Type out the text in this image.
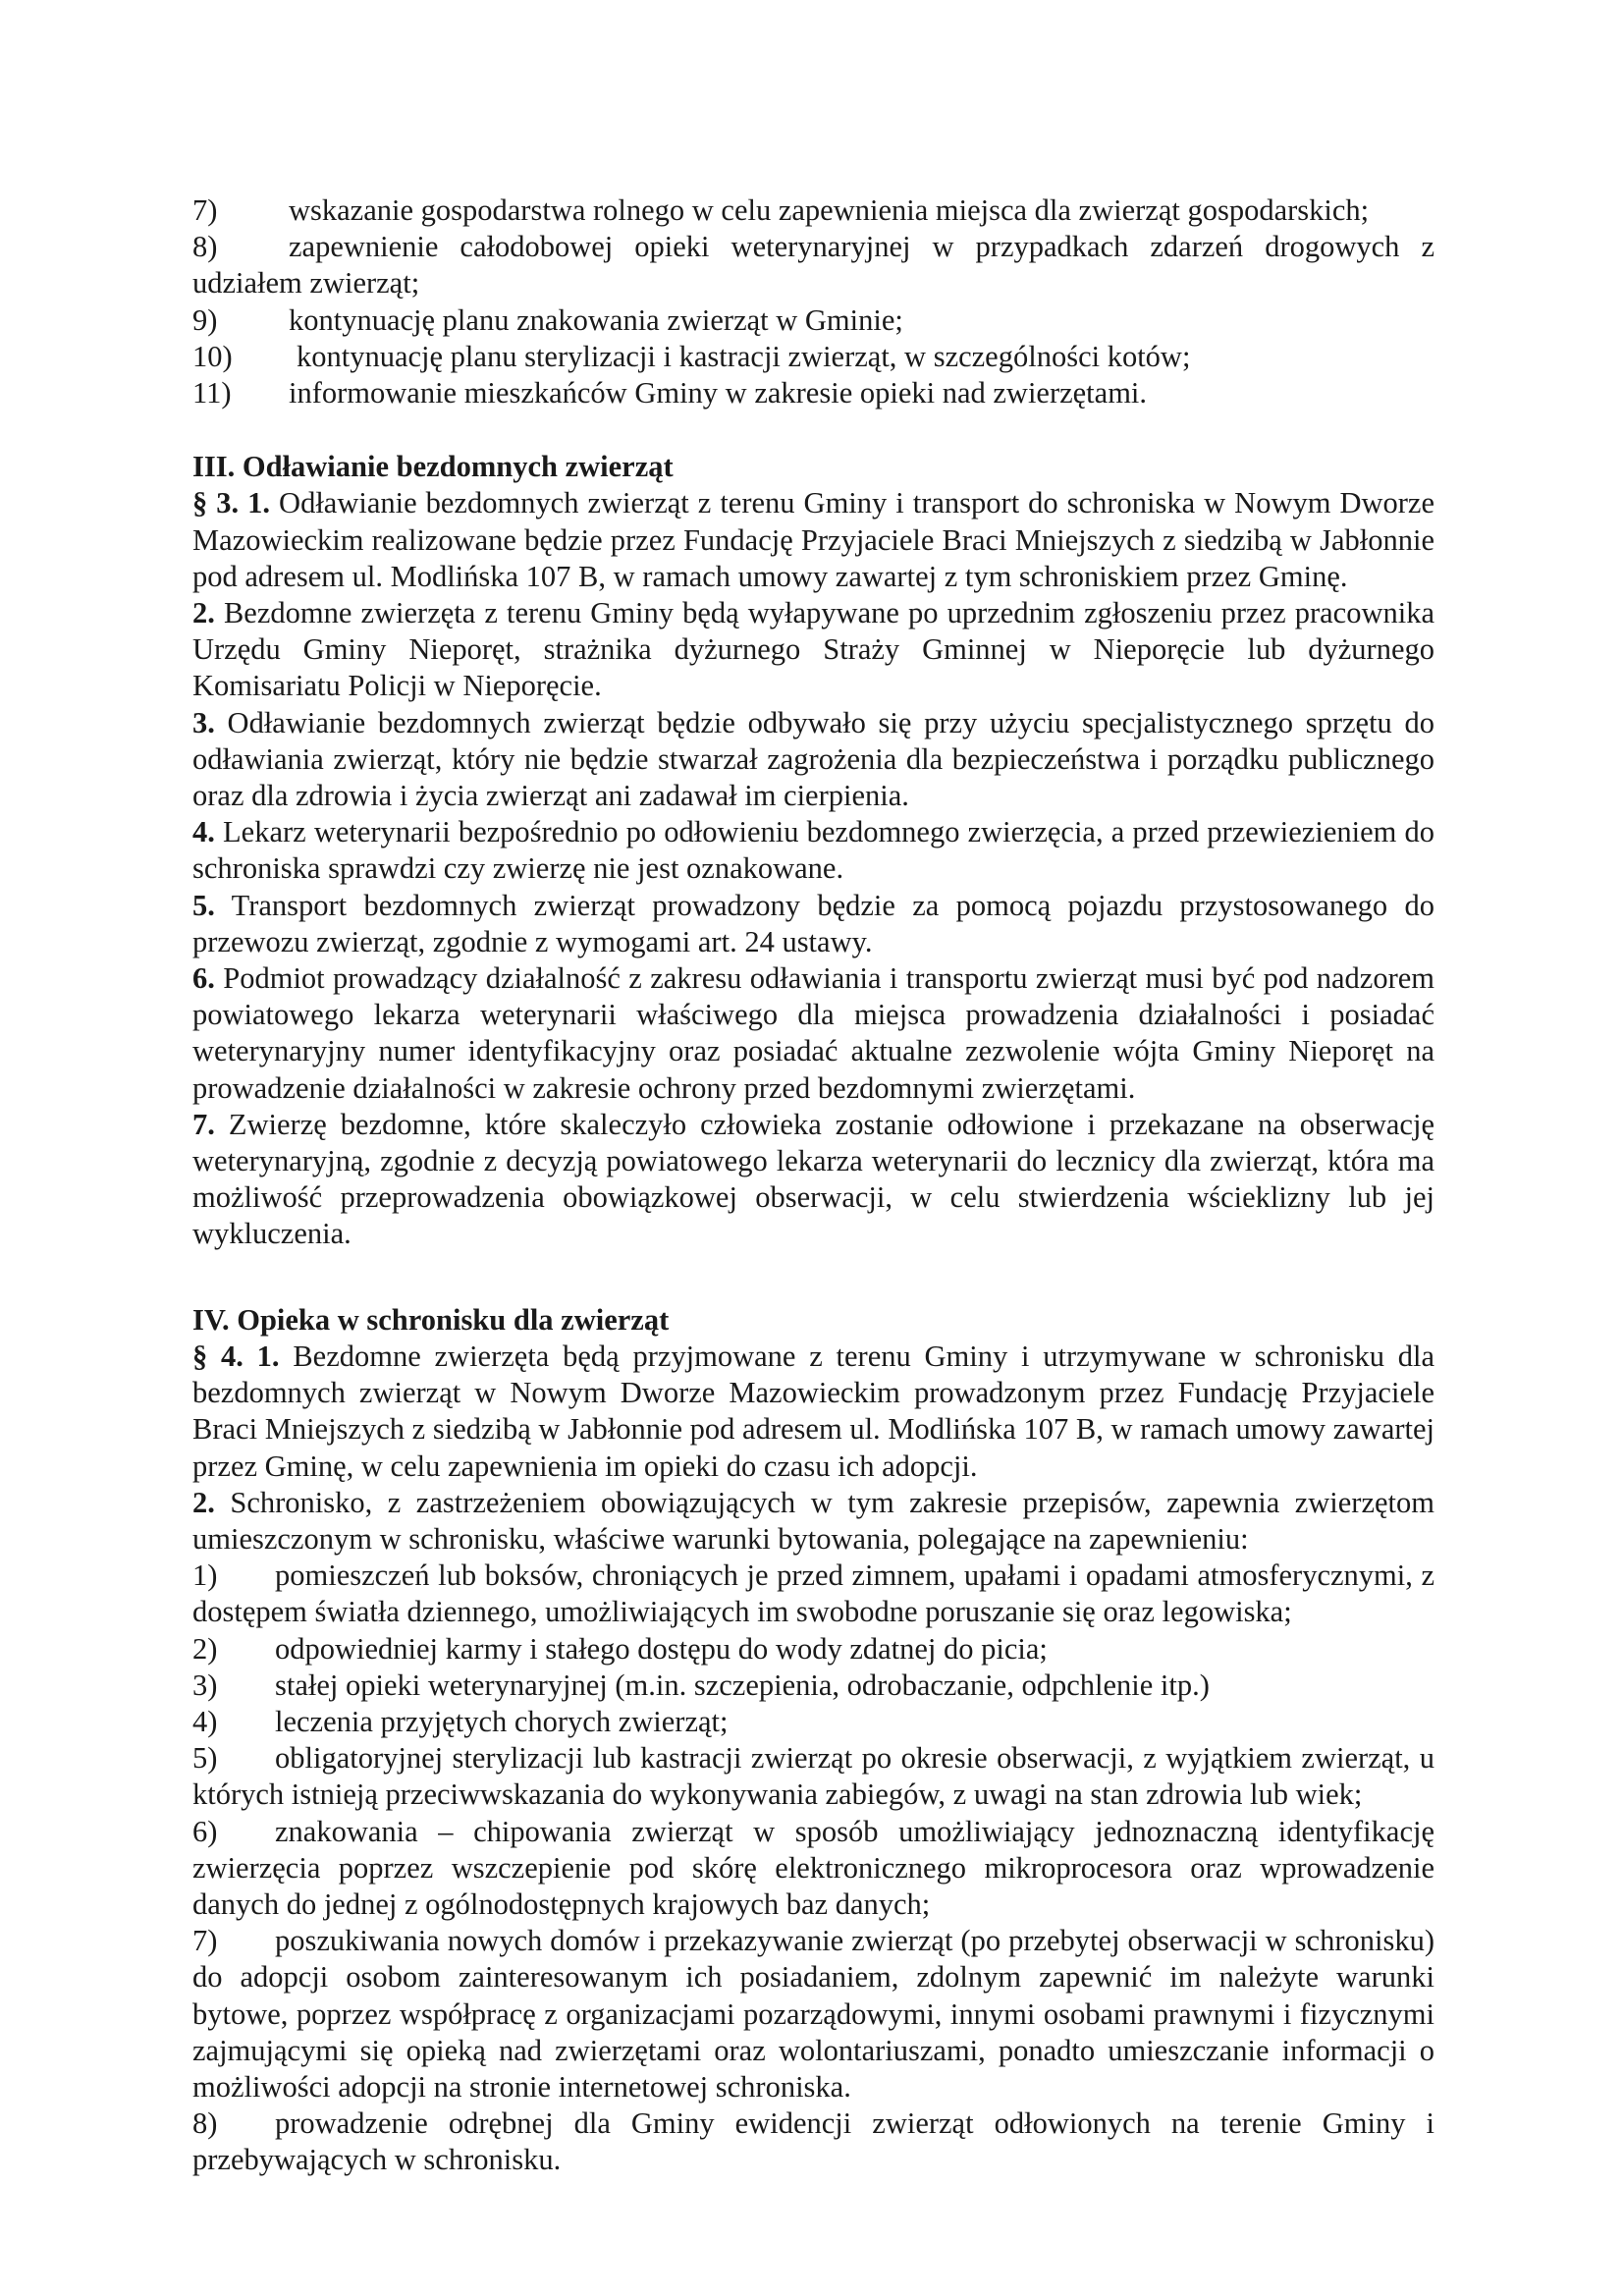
7) wskazanie gospodarstwa rolnego w celu zapewnienia miejsca dla zwierząt gospodarskich;

8) zapewnienie całodobowej opieki weterynaryjnej w przypadkach zdarzeń drogowych z udziałem zwierząt;

9) kontynuację planu znakowania zwierząt w Gminie;

10) kontynuację planu sterylizacji i kastracji zwierząt, w szczególności kotów;

11) informowanie mieszkańców Gminy w zakresie opieki nad zwierzętami.

III. Odławianie bezdomnych zwierząt

§ 3. 1. Odławianie bezdomnych zwierząt z terenu Gminy i transport do schroniska w Nowym Dworze Mazowieckim realizowane będzie przez Fundację Przyjaciele Braci Mniejszych z siedzibą w Jabłonnie pod adresem ul. Modlińska 107 B, w ramach umowy zawartej z tym schroniskiem przez Gminę.

2. Bezdomne zwierzęta z terenu Gminy będą wyłapywane po uprzednim zgłoszeniu przez pracownika Urzędu Gminy Nieporęt, strażnika dyżurnego Straży Gminnej w Nieporęcie lub dyżurnego Komisariatu Policji w Nieporęcie.

3. Odławianie bezdomnych zwierząt będzie odbywało się przy użyciu specjalistycznego sprzętu do odławiania zwierząt, który nie będzie stwarzał zagrożenia dla bezpieczeństwa i porządku publicznego oraz dla zdrowia i życia zwierząt ani zadawał im cierpienia.

4. Lekarz weterynarii bezpośrednio po odłowieniu bezdomnego zwierzęcia, a przed przewiezieniem do schroniska sprawdzi czy zwierzę nie jest oznakowane.

5. Transport bezdomnych zwierząt prowadzony będzie za pomocą pojazdu przystosowanego do przewozu zwierząt, zgodnie z wymogami art. 24 ustawy.

6. Podmiot prowadzący działalność z zakresu odławiania i transportu zwierząt musi być pod nadzorem powiatowego lekarza weterynarii właściwego dla miejsca prowadzenia działalności i posiadać weterynaryjny numer identyfikacyjny oraz posiadać aktualne zezwolenie wójta Gminy Nieporęt na prowadzenie działalności w zakresie ochrony przed bezdomnymi zwierzętami.

7. Zwierzę bezdomne, które skaleczyło człowieka zostanie odłowione i przekazane na obserwację weterynaryjną, zgodnie z decyzją powiatowego lekarza weterynarii do lecznicy dla zwierząt, która ma możliwość przeprowadzenia obowiązkowej obserwacji, w celu stwierdzenia wścieklizny lub jej wykluczenia.

IV. Opieka w schronisku dla zwierząt

§ 4. 1. Bezdomne zwierzęta będą przyjmowane z terenu Gminy i utrzymywane w schronisku dla bezdomnych zwierząt w Nowym Dworze Mazowieckim prowadzonym przez Fundację Przyjaciele Braci Mniejszych z siedzibą w Jabłonnie pod adresem ul. Modlińska 107 B, w ramach umowy zawartej przez Gminę, w celu zapewnienia im opieki do czasu ich adopcji.

2. Schronisko, z zastrzeżeniem obowiązujących w tym zakresie przepisów, zapewnia zwierzętom umieszczonym w schronisku, właściwe warunki bytowania, polegające na zapewnieniu:

1) pomieszczeń lub boksów, chroniących je przed zimnem, upałami i opadami atmosferycznymi, z dostępem światła dziennego, umożliwiających im swobodne poruszanie się oraz legowiska;

2) odpowiedniej karmy i stałego dostępu do wody zdatnej do picia;

3) stałej opieki weterynaryjnej (m.in. szczepienia, odrobaczanie, odpchlenie itp.)

4) leczenia przyjętych chorych zwierząt;

5) obligatoryjnej sterylizacji lub kastracji zwierząt po okresie obserwacji, z wyjątkiem zwierząt, u których istnieją przeciwwskazania do wykonywania zabiegów, z uwagi na stan zdrowia lub wiek;

6) znakowania – chipowania zwierząt w sposób umożliwiający jednoznaczną identyfikację zwierzęcia poprzez wszczepienie pod skórę elektronicznego mikroprocesora oraz wprowadzenie danych do jednej z ogólnodostępnych krajowych baz danych;

7) poszukiwania nowych domów i przekazywanie zwierząt (po przebytej obserwacji w schronisku) do adopcji osobom zainteresowanym ich posiadaniem, zdolnym zapewnić im należyte warunki bytowe, poprzez współpracę z organizacjami pozarządowymi, innymi osobami prawnymi i fizycznymi zajmującymi się opieką nad zwierzętami oraz wolontariuszami, ponadto umieszczanie informacji o możliwości adopcji na stronie internetowej schroniska.

8) prowadzenie odrębnej dla Gminy ewidencji zwierząt odłowionych na terenie Gminy i przebywających w schronisku.
